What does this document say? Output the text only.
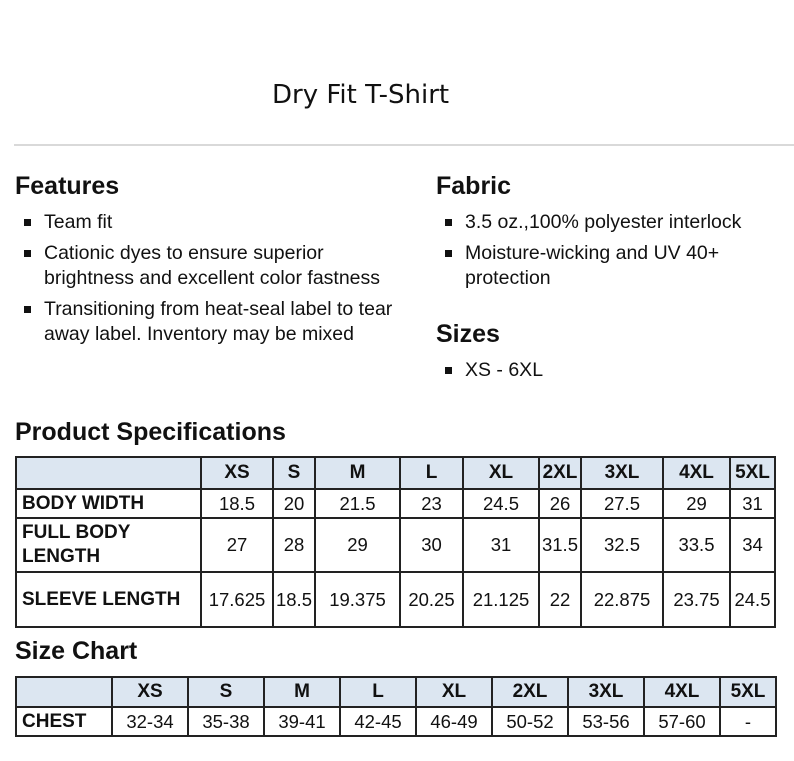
Dry Fit T-Shirt
Features
Team fit
Cationic dyes to ensure superior brightness and excellent color fastness
Transitioning from heat-seal label to tear away label. Inventory may be mixed
Fabric
3.5 oz.,100% polyester interlock
Moisture-wicking and UV 40+ protection
Sizes
XS - 6XL
Product Specifications
	XS	S	M	L	XL	2XL	3XL	4XL	5XL
BODY WIDTH	18.5	20	21.5	23	24.5	26	27.5	29	31
FULL BODY LENGTH	27	28	29	30	31	31.5	32.5	33.5	34
SLEEVE LENGTH	17.625	18.5	19.375	20.25	21.125	22	22.875	23.75	24.5
Size Chart
	XS	S	M	L	XL	2XL	3XL	4XL	5XL
CHEST	32-34	35-38	39-41	42-45	46-49	50-52	53-56	57-60	-
